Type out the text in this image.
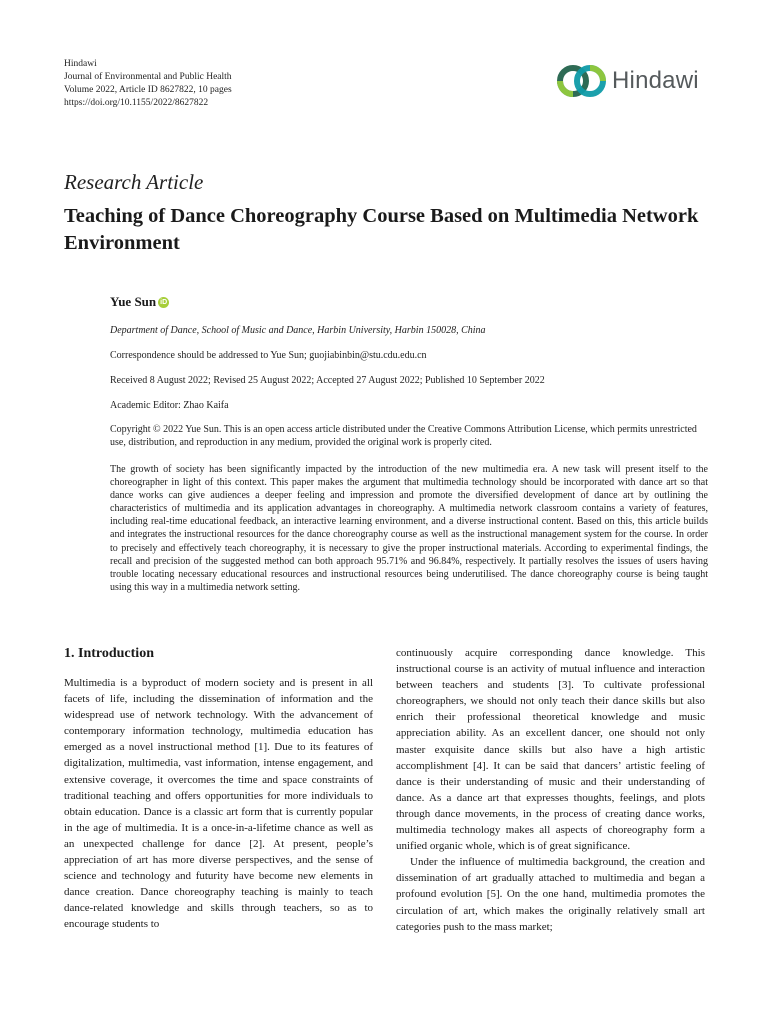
Hindawi
Journal of Environmental and Public Health
Volume 2022, Article ID 8627822, 10 pages
https://doi.org/10.1155/2022/8627822
Hindawi
Research Article
Teaching of Dance Choreography Course Based on Multimedia Network Environment
Yue Sun iD
Department of Dance, School of Music and Dance, Harbin University, Harbin 150028, China
Correspondence should be addressed to Yue Sun; guojiabinbin@stu.cdu.edu.cn
Received 8 August 2022; Revised 25 August 2022; Accepted 27 August 2022; Published 10 September 2022
Academic Editor: Zhao Kaifa
Copyright © 2022 Yue Sun. This is an open access article distributed under the Creative Commons Attribution License, which permits unrestricted use, distribution, and reproduction in any medium, provided the original work is properly cited.
The growth of society has been significantly impacted by the introduction of the new multimedia era. A new task will present itself to the choreographer in light of this context. This paper makes the argument that multimedia technology should be incorporated with dance art so that dance works can give audiences a deeper feeling and impression and promote the diversified development of dance art by outlining the characteristics of multimedia and its application advantages in choreography. A multimedia network classroom contains a variety of features, including real-time educational feedback, an interactive learning environment, and a diverse instructional content. Based on this, this article builds and integrates the instructional resources for the dance choreography course as well as the instructional management system for the course. In order to precisely and effectively teach choreography, it is necessary to give the proper instructional materials. According to experimental findings, the recall and precision of the suggested method can both approach 95.71% and 96.84%, respectively. It partially resolves the issues of users having trouble locating necessary educational resources and instructional resources being underutilised. The dance choreography course is being taught using this way in a multimedia network setting.
1. Introduction

Multimedia is a byproduct of modern society and is present in all facets of life, including the dissemination of information and the widespread use of network technology. With the advancement of contemporary information technology, multimedia education has emerged as a novel instructional method [1]. Due to its features of digitalization, multimedia, vast information, intense engagement, and extensive coverage, it overcomes the time and space constraints of traditional teaching and offers opportunities for more individuals to obtain education. Dance is a classic art form that is currently popular in the age of multimedia. It is a once-in-a-lifetime chance as well as an unexpected challenge for dance [2]. At present, people’s appreciation of art has more diverse perspectives, and the sense of science and technology and futurity have become new elements in dance creation. Dance choreography teaching is mainly to teach dance-related knowledge and skills through teachers, so as to encourage students to

continuously acquire corresponding dance knowledge. This instructional course is an activity of mutual influence and interaction between teachers and students [3]. To cultivate professional choreographers, we should not only teach their dance skills but also enrich their professional theoretical knowledge and music appreciation ability. As an excellent dancer, one should not only master exquisite dance skills but also have a high artistic accomplishment [4]. It can be said that dancers’ artistic feeling of dance is their understanding of music and their understanding of dance. As a dance art that expresses thoughts, feelings, and plots through dance movements, in the process of creating dance works, multimedia technology makes all aspects of choreography form a unified organic whole, which is of great significance.

Under the influence of multimedia background, the creation and dissemination of art gradually attached to multimedia and began a profound evolution [5]. On the one hand, multimedia promotes the circulation of art, which makes the originally relatively small art categories push to the mass market;
